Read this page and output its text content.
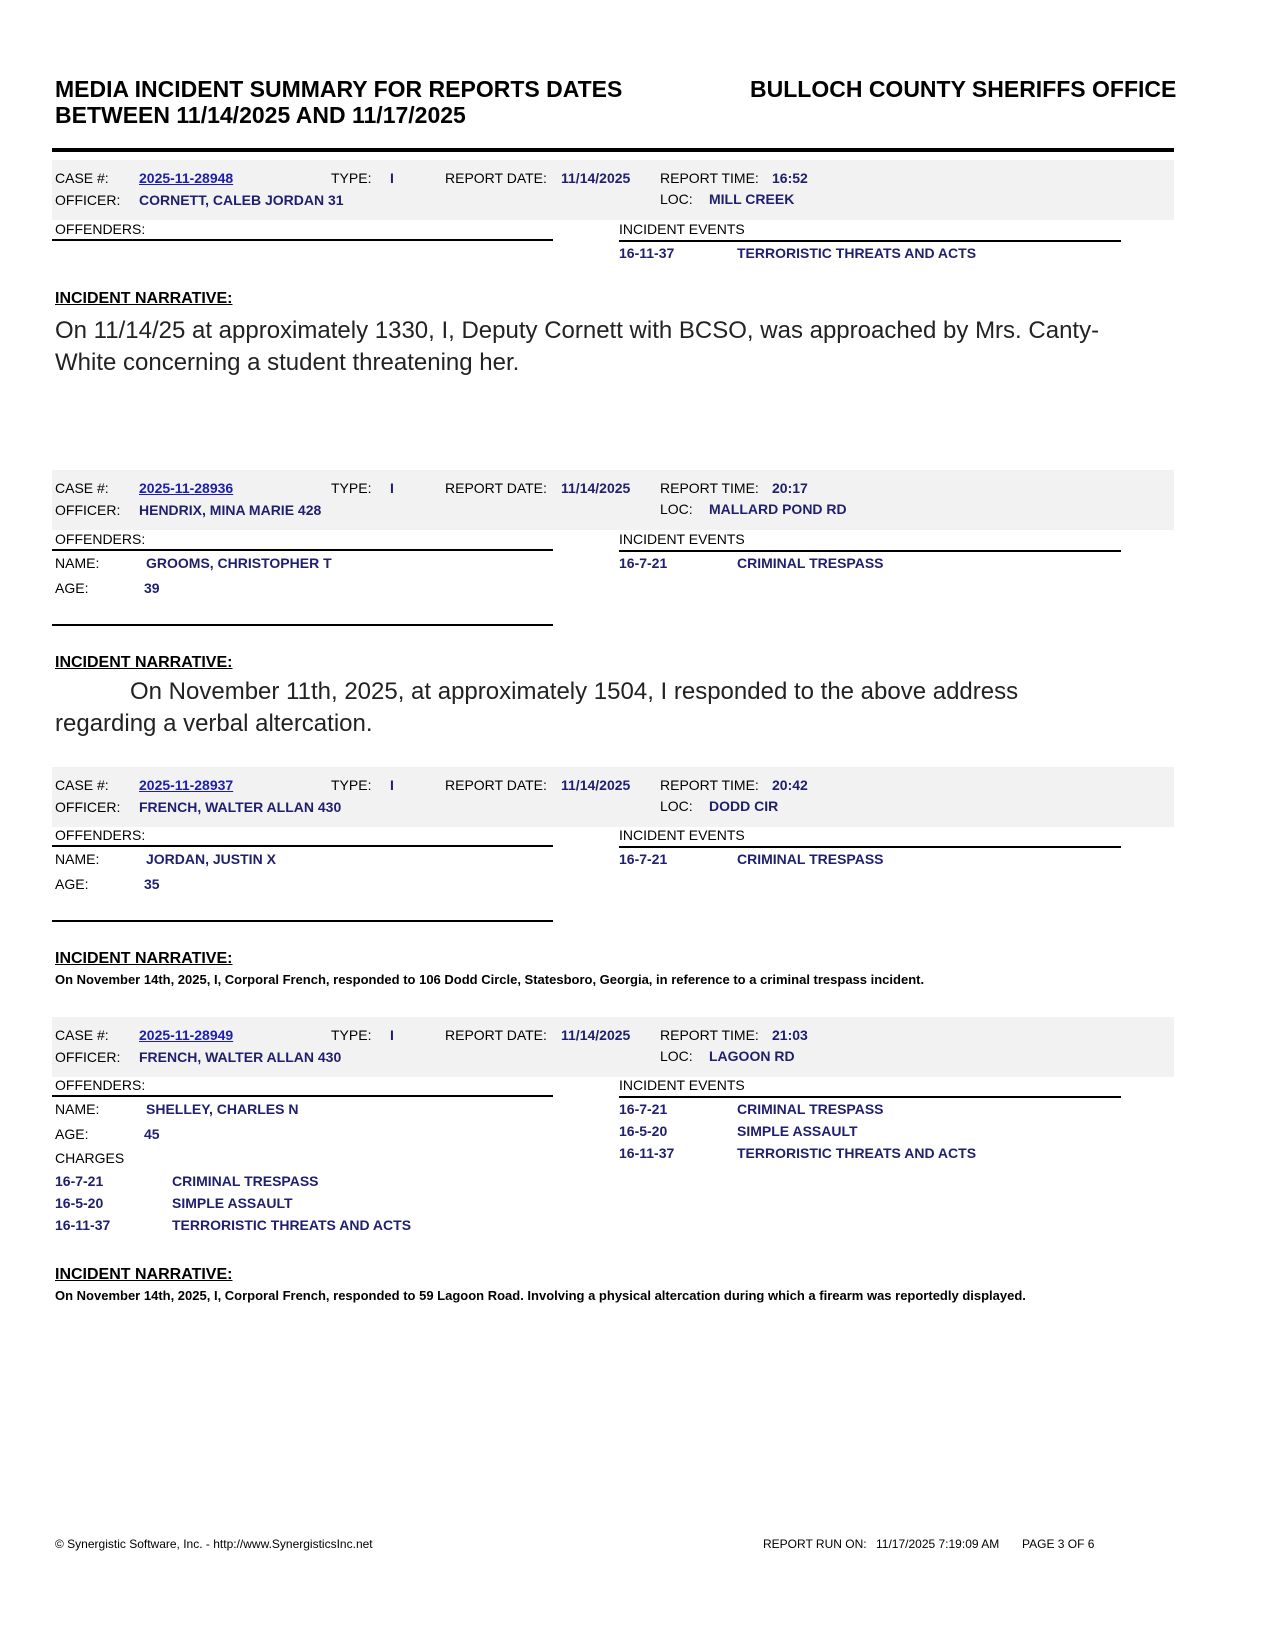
MEDIA INCIDENT SUMMARY FOR REPORTS DATES BETWEEN 11/14/2025 AND 11/17/2025
BULLOCH COUNTY SHERIFFS OFFICE
CASE #: 2025-11-28948	TYPE: I	REPORT DATE: 11/14/2025 REPORT TIME: 16:52
OFFICER: CORNETT, CALEB JORDAN 31	LOC: MILL CREEK
OFFENDERS:	INCIDENT EVENTS
16-11-37	TERRORISTIC THREATS AND ACTS
INCIDENT NARRATIVE:
On 11/14/25 at approximately 1330, I, Deputy Cornett with BCSO, was approached by Mrs. Canty-White concerning a student threatening her.
CASE #: 2025-11-28936	TYPE: I	REPORT DATE: 11/14/2025 REPORT TIME: 20:17
OFFICER: HENDRIX, MINA MARIE 428	LOC: MALLARD POND RD
OFFENDERS:
NAME:	GROOMS, CHRISTOPHER T
AGE:	39
INCIDENT EVENTS
16-7-21	CRIMINAL TRESPASS
INCIDENT NARRATIVE:
On November 11th, 2025, at approximately 1504, I responded to the above address regarding a verbal altercation.
CASE #: 2025-11-28937	TYPE: I	REPORT DATE: 11/14/2025 REPORT TIME: 20:42
OFFICER: FRENCH, WALTER ALLAN 430	LOC: DODD CIR
OFFENDERS:
NAME:	JORDAN, JUSTIN X
AGE:	35
INCIDENT EVENTS
16-7-21	CRIMINAL TRESPASS
INCIDENT NARRATIVE:
On November 14th, 2025, I, Corporal French, responded to 106 Dodd Circle, Statesboro, Georgia, in reference to a criminal trespass incident.
CASE #: 2025-11-28949	TYPE: I	REPORT DATE: 11/14/2025 REPORT TIME: 21:03
OFFICER: FRENCH, WALTER ALLAN 430	LOC: LAGOON RD
OFFENDERS:
NAME:	SHELLEY, CHARLES N
AGE:	45
CHARGES
16-7-21	CRIMINAL TRESPASS
16-5-20	SIMPLE ASSAULT
16-11-37	TERRORISTIC THREATS AND ACTS
INCIDENT EVENTS
16-7-21	CRIMINAL TRESPASS
16-5-20	SIMPLE ASSAULT
16-11-37	TERRORISTIC THREATS AND ACTS
INCIDENT NARRATIVE:
On November 14th, 2025, I, Corporal French, responded to 59 Lagoon Road. Involving a physical altercation during which a firearm was reportedly displayed.
© Synergistic Software, Inc. - http://www.SynergisticsInc.net	REPORT RUN ON: 11/17/2025 7:19:09 AM PAGE 3 OF 6
